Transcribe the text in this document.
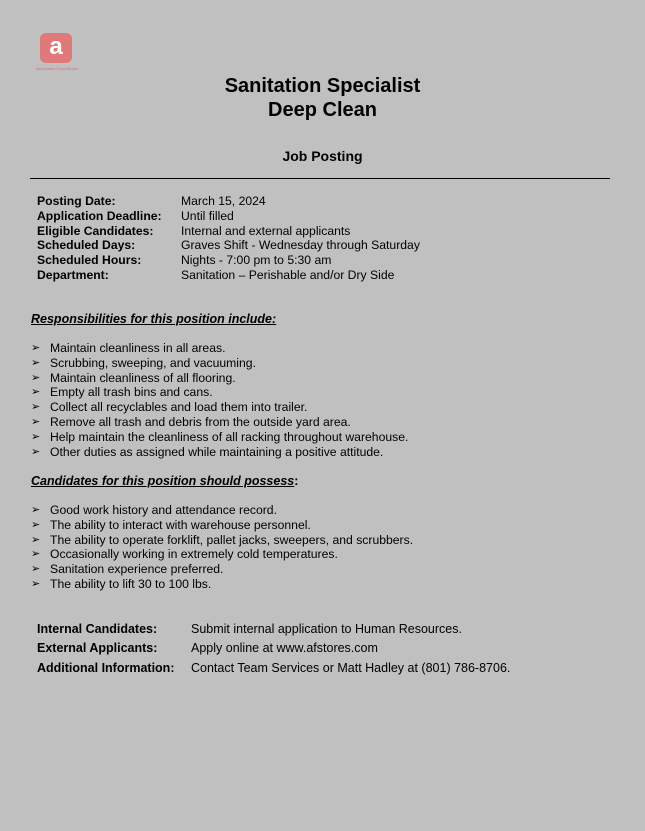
a
Associated Food Stores
Sanitation Specialist
Deep Clean
Job Posting
Posting Date:	March 15, 2024
Application Deadline:	Until filled
Eligible Candidates:	Internal and external applicants
Scheduled Days:	Graves Shift - Wednesday through Saturday
Scheduled Hours:	Nights - 7:00 pm to 5:30 am
Department:	Sanitation – Perishable and/or Dry Side
Responsibilities for this position include:
➢ Maintain cleanliness in all areas.
➢ Scrubbing, sweeping, and vacuuming.
➢ Maintain cleanliness of all flooring.
➢ Empty all trash bins and cans.
➢ Collect all recyclables and load them into trailer.
➢ Remove all trash and debris from the outside yard area.
➢ Help maintain the cleanliness of all racking throughout warehouse.
➢ Other duties as assigned while maintaining a positive attitude.
Candidates for this position should possess:
➢ Good work history and attendance record.
➢ The ability to interact with warehouse personnel.
➢ The ability to operate forklift, pallet jacks, sweepers, and scrubbers.
➢ Occasionally working in extremely cold temperatures.
➢ Sanitation experience preferred.
➢ The ability to lift 30 to 100 lbs.
Internal Candidates:	Submit internal application to Human Resources.
External Applicants:	Apply online at www.afstores.com
Additional Information:	Contact Team Services or Matt Hadley at (801) 786-8706.
